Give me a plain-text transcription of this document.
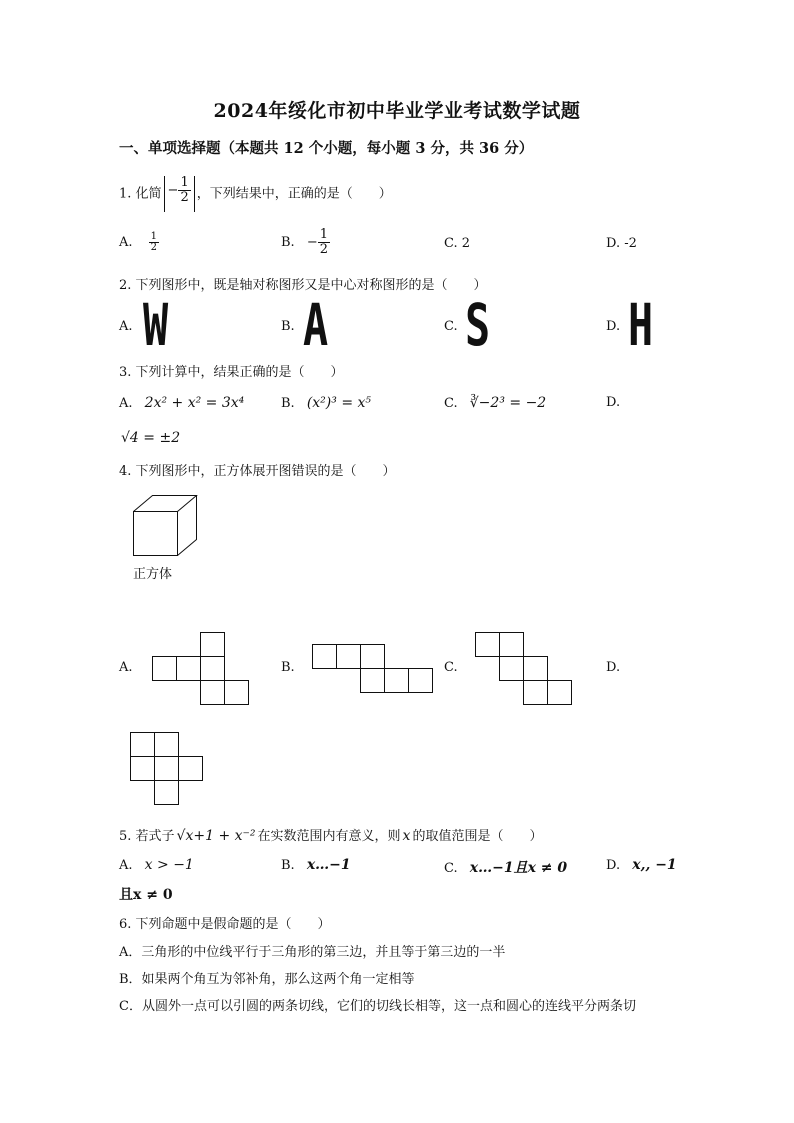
2024年绥化市初中毕业学业考试数学试题
一、单项选择题（本题共 12 个小题，每小题 3 分，共 36 分）
1. 化简 − $\frac{1}{2}$ ，下列结果中，正确的是（　　）
A. $\frac{1}{2}$	B. − $\frac{1}{2}$	C. 2	D. -2
2. 下列图形中，既是轴对称图形又是中心对称图形的是（　　）
A. W	B. A	C. S	D. H
3. 下列计算中，结果正确的是（　　）
A. 2x² + x² = 3x⁴	B. (x²)³ = x⁵	C. ∛−2³ = −2	D.
√4 = ±2
4. 下列图形中，正方体展开图错误的是（　　）
正方体
A.	B.	C.	D.
5. 若式子 √x+1 + x⁻² 在实数范围内有意义，则 x 的取值范围是（　　）
A. x > −1	B. x…−1	C. x…−1且x ≠ 0	D. x,, −1
且x ≠ 0
6. 下列命题中是假命题的是（　　）
A．三角形的中位线平行于三角形的第三边，并且等于第三边的一半
B．如果两个角互为邻补角，那么这两个角一定相等
C．从圆外一点可以引圆的两条切线，它们的切线长相等，这一点和圆心的连线平分两条切
